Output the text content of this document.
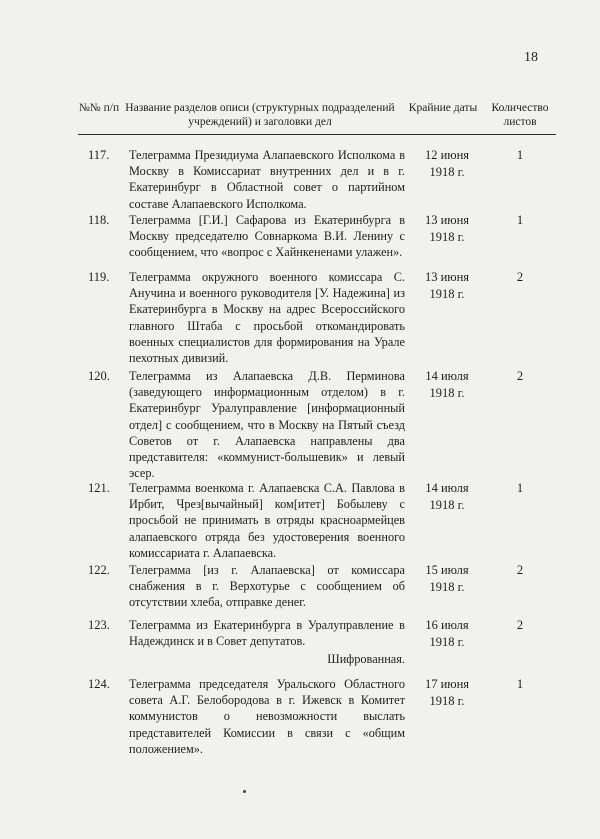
18
№№ п/п Название разделов описи (структурных подразделений учреждений) и заголовки дел
Крайние даты	Количество листов
117. Телеграмма Президиума Алапаевского Исполкома в Москву в Комиссариат внутренних дел и в г. Екатеринбург в Областной совет о партийном составе Алапаевского Исполкома.
12 июня
1918 г.
1
118. Телеграмма [Г.И.] Сафарова из Екатеринбурга в Москву председателю Совнаркома В.И. Ленину с сообщением, что «вопрос с Хайнкененами улажен».
13 июня
1918 г.
1
119. Телеграмма окружного военного комиссара С. Анучина и военного руководителя [У. Надежина] из Екатеринбурга в Москву на адрес Всероссийского главного Штаба с просьбой откомандировать военных специалистов для формирования на Урале пехотных дивизий.
13 июня
1918 г.
2
120. Телеграмма из Алапаевска Д.В. Перминова (заведующего информационным отделом) в г. Екатеринбург Уралуправление [информационный отдел] с сообщением, что в Москву на Пятый съезд Советов от г. Алапаевска направлены два представителя: «коммунист-большевик» и левый эсер.
14 июля
1918 г.
2
121. Телеграмма военкома г. Алапаевска С.А. Павлова в Ирбит, Чрез[вычайный] ком[итет] Бобылеву с просьбой не принимать в отряды красноармейцев алапаевского отряда без удостоверения военного комиссариата г. Алапаевска.
14 июля
1918 г.
1
122. Телеграмма [из г. Алапаевска] от комиссара снабжения в г. Верхотурье с сообщением об отсутствии хлеба, отправке денег.
15 июля
1918 г.
2
123. Телеграмма из Екатеринбурга в Уралуправление в Надеждинск и в Совет депутатов.
Шифрованная.
16 июля
1918 г.
2
124. Телеграмма председателя Уральского Областного совета А.Г. Белобородова в г. Ижевск в Комитет коммунистов о невозможности выслать представителей Комиссии в связи с «общим положением».
17 июня
1918 г.
1
